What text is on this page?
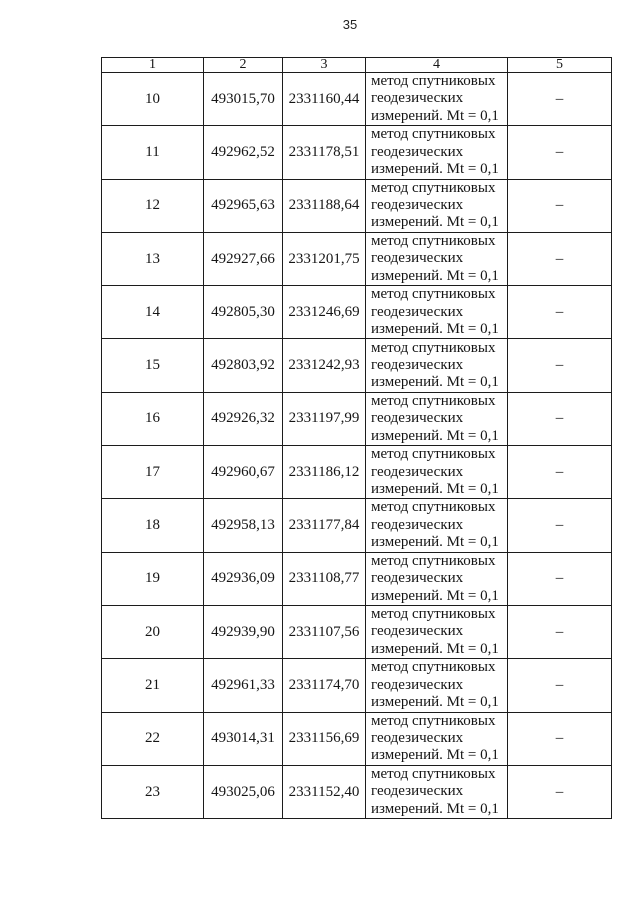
35
1	2	3	4	5
10	493015,70	2331160,44	метод спутниковых
геодезических
измерений. Mt = 0,1	–
11	492962,52	2331178,51	метод спутниковых
геодезических
измерений. Mt = 0,1	–
12	492965,63	2331188,64	метод спутниковых
геодезических
измерений. Mt = 0,1	–
13	492927,66	2331201,75	метод спутниковых
геодезических
измерений. Mt = 0,1	–
14	492805,30	2331246,69	метод спутниковых
геодезических
измерений. Mt = 0,1	–
15	492803,92	2331242,93	метод спутниковых
геодезических
измерений. Mt = 0,1	–
16	492926,32	2331197,99	метод спутниковых
геодезических
измерений. Mt = 0,1	–
17	492960,67	2331186,12	метод спутниковых
геодезических
измерений. Mt = 0,1	–
18	492958,13	2331177,84	метод спутниковых
геодезических
измерений. Mt = 0,1	–
19	492936,09	2331108,77	метод спутниковых
геодезических
измерений. Mt = 0,1	–
20	492939,90	2331107,56	метод спутниковых
геодезических
измерений. Mt = 0,1	–
21	492961,33	2331174,70	метод спутниковых
геодезических
измерений. Mt = 0,1	–
22	493014,31	2331156,69	метод спутниковых
геодезических
измерений. Mt = 0,1	–
23	493025,06	2331152,40	метод спутниковых
геодезических
измерений. Mt = 0,1	–
